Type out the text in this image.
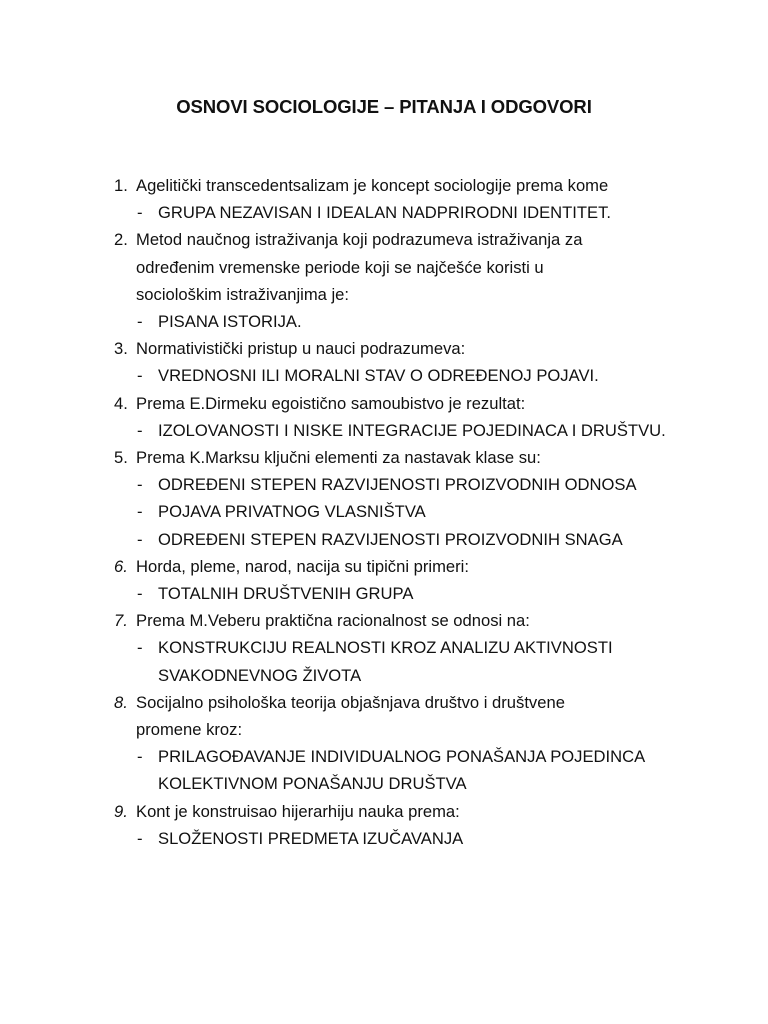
OSNOVI SOCIOLOGIJE – PITANJA I ODGOVORI
1. Agelitički transcedentsalizam je koncept sociologije prema kome
- GRUPA NEZAVISAN I IDEALAN NADPRIRODNI IDENTITET.
2. Metod naučnog istraživanja koji podrazumeva istraživanja za
određenim vremenske periode koji se najčešće koristi u
sociološkim istraživanjima je:
- PISANA ISTORIJA.
3. Normativistički pristup u nauci podrazumeva:
- VREDNOSNI ILI MORALNI STAV O ODREĐENOJ POJAVI.
4. Prema E.Dirmeku egoistično samoubistvo je rezultat:
- IZOLOVANOSTI I NISKE INTEGRACIJE POJEDINACA I DRUŠTVU.
5. Prema K.Marksu ključni elementi za nastavak klase su:
- ODREĐENI STEPEN RAZVIJENOSTI PROIZVODNIH ODNOSA
- POJAVA PRIVATNOG VLASNIŠTVA
- ODREĐENI STEPEN RAZVIJENOSTI PROIZVODNIH SNAGA
6. Horda, pleme, narod, nacija su tipični primeri:
- TOTALNIH DRUŠTVENIH GRUPA
7. Prema M.Veberu praktična racionalnost se odnosi na:
- KONSTRUKCIJU REALNOSTI KROZ ANALIZU AKTIVNOSTI
SVAKODNEVNOG ŽIVOTA
8. Socijalno psihološka teorija objašnjava društvo i društvene
promene kroz:
- PRILAGOĐAVANJE INDIVIDUALNOG PONAŠANJA POJEDINCA
KOLEKTIVNOM PONAŠANJU DRUŠTVA
9. Kont je konstruisao hijerarhiju nauka prema:
- SLOŽENOSTI PREDMETA IZUČAVANJA
